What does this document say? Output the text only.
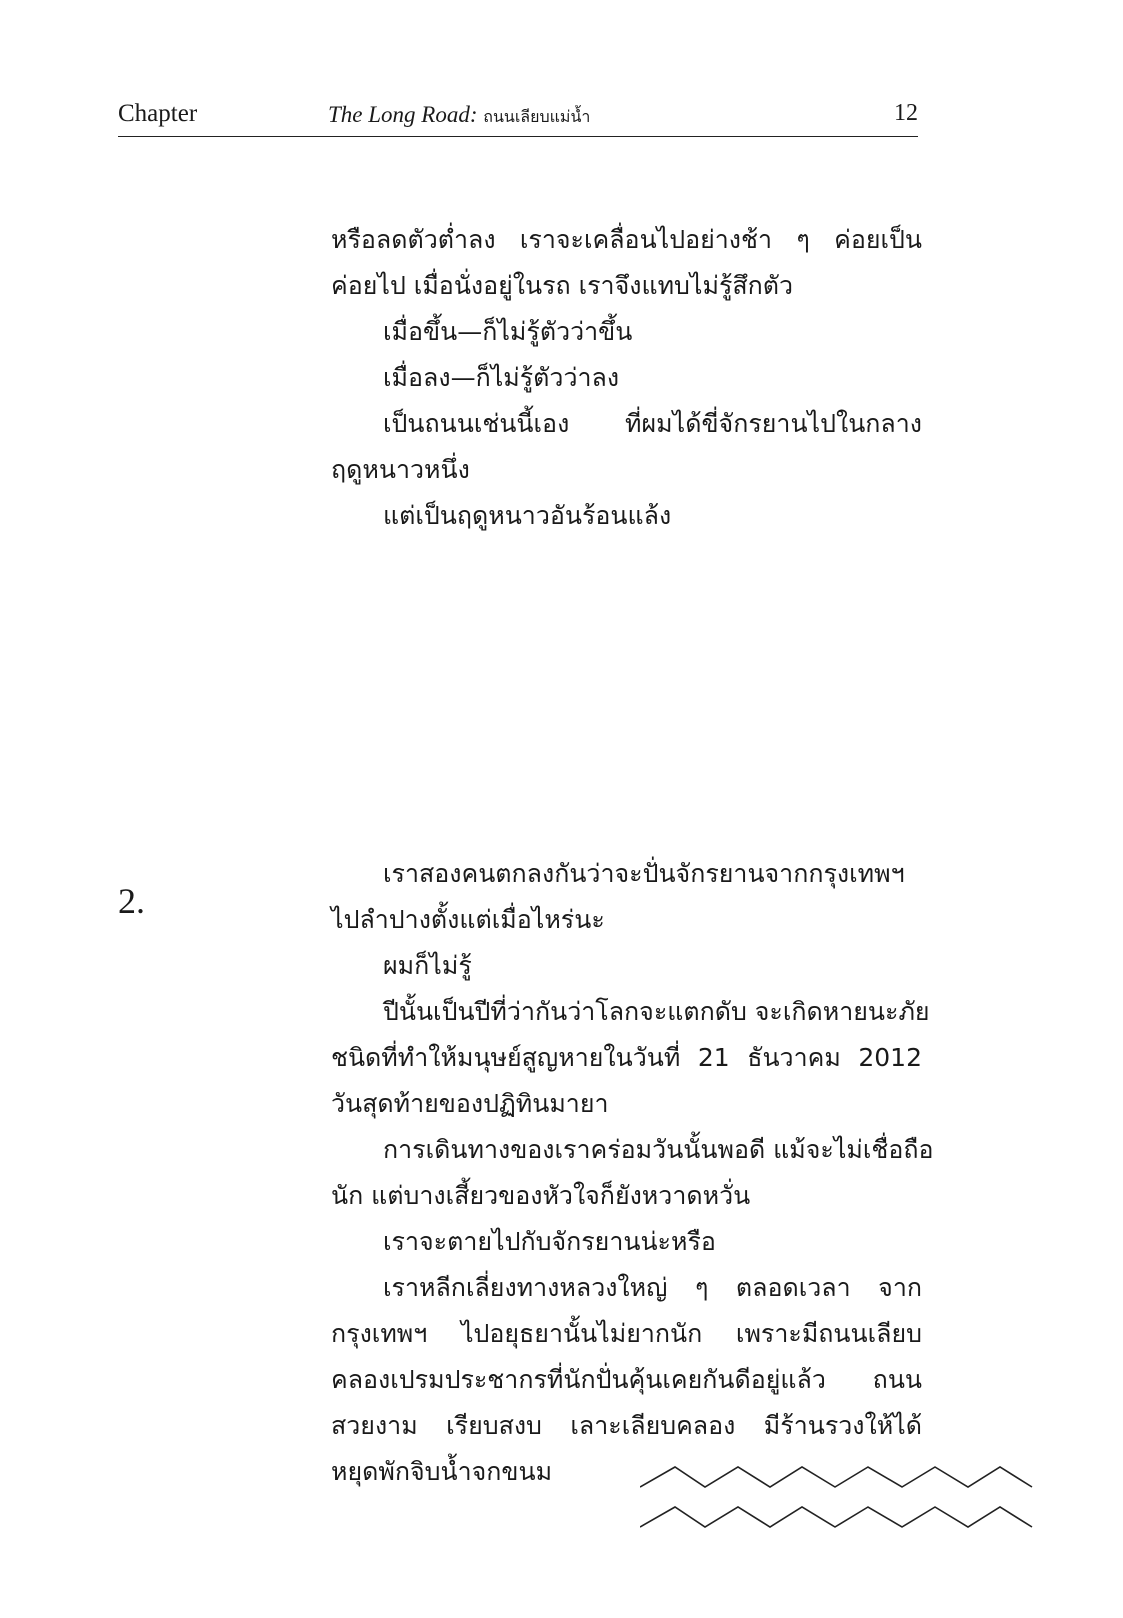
Chapter	The Long Road: ถนนเลียบแม่น้ำ	12
หรือลดตัวต่ำลง เราจะเคลื่อนไปอย่างช้า ๆ ค่อยเป็น
ค่อยไป เมื่อนั่งอยู่ในรถ เราจึงแทบไม่รู้สึกตัว
เมื่อขึ้น—ก็ไม่รู้ตัวว่าขึ้น
เมื่อลง—ก็ไม่รู้ตัวว่าลง
เป็นถนนเช่นนี้เอง ที่ผมได้ขี่จักรยานไปในกลาง
ฤดูหนาวหนึ่ง
แต่เป็นฤดูหนาวอันร้อนแล้ง
2.
เราสองคนตกลงกันว่าจะปั่นจักรยานจากกรุงเทพฯ
ไปลำปางตั้งแต่เมื่อไหร่นะ
ผมก็ไม่รู้
ปีนั้นเป็นปีที่ว่ากันว่าโลกจะแตกดับ จะเกิดหายนะภัย
ชนิดที่ทำให้มนุษย์สูญหายในวันที่ 21 ธันวาคม 2012
วันสุดท้ายของปฏิทินมายา
การเดินทางของเราคร่อมวันนั้นพอดี แม้จะไม่เชื่อถือ
นัก แต่บางเสี้ยวของหัวใจก็ยังหวาดหวั่น
เราจะตายไปกับจักรยานน่ะหรือ
เราหลีกเลี่ยงทางหลวงใหญ่ ๆ ตลอดเวลา จาก
กรุงเทพฯ ไปอยุธยานั้นไม่ยากนัก เพราะมีถนนเลียบ
คลองเปรมประชากรที่นักปั่นคุ้นเคยกันดีอยู่แล้ว ถนน
สวยงาม เรียบสงบ เลาะเลียบคลอง มีร้านรวงให้ได้
หยุดพักจิบน้ำจกขนม
